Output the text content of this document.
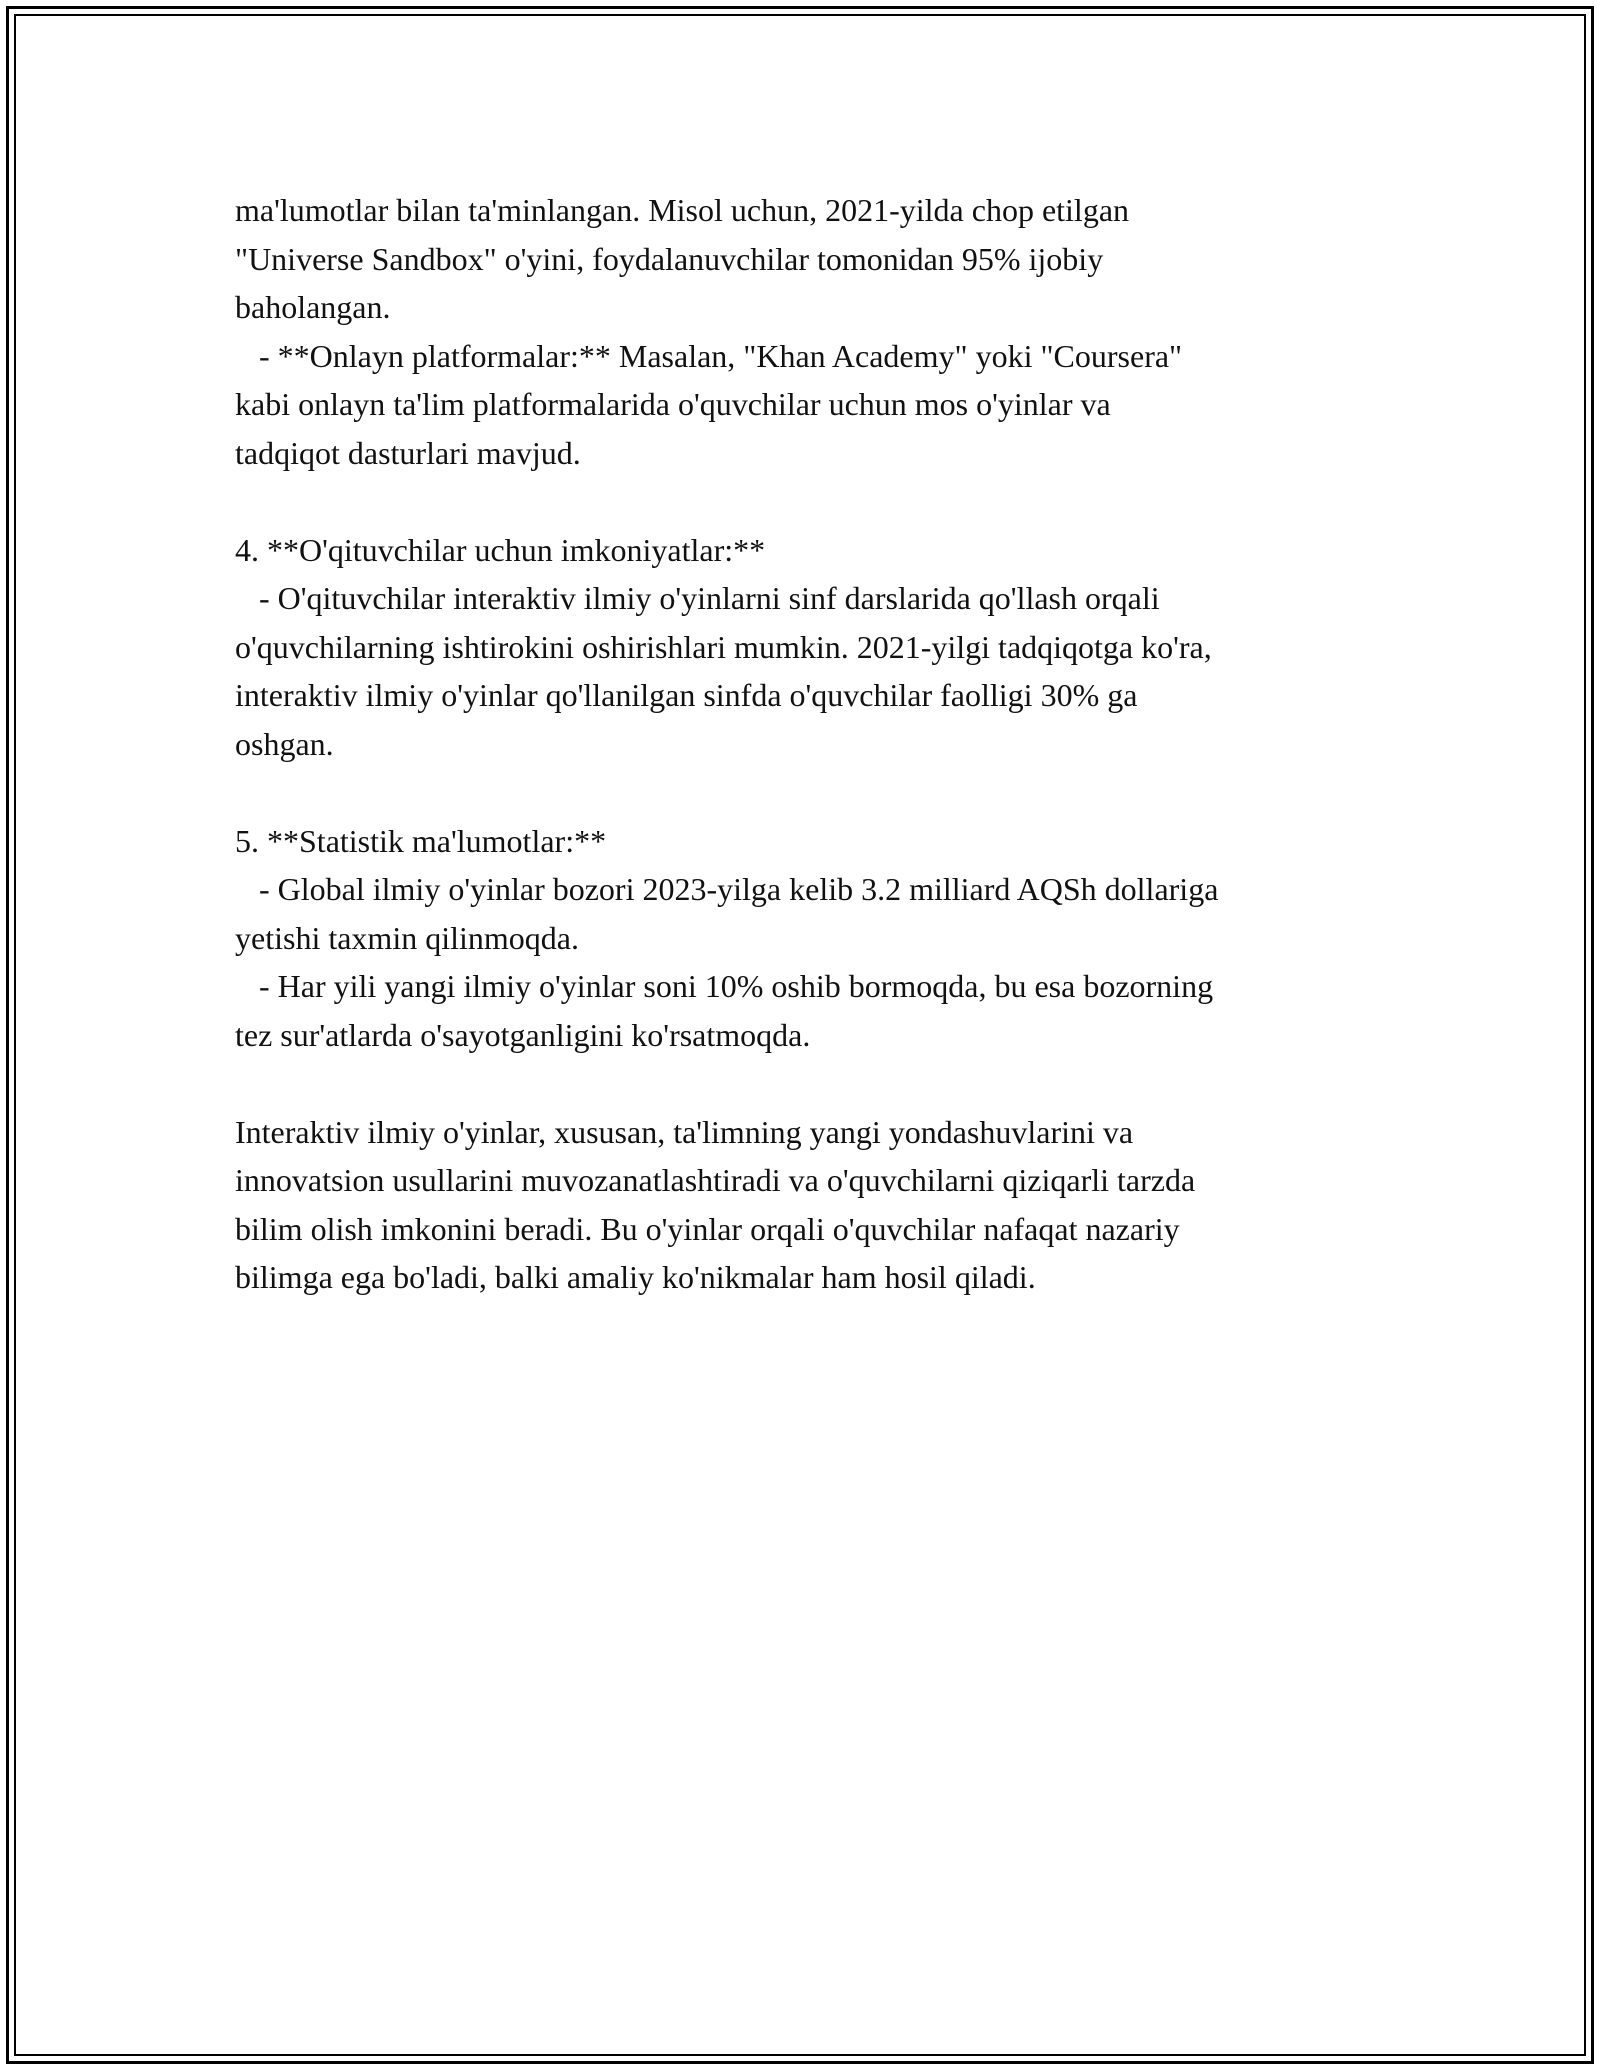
ma'lumotlar bilan ta'minlangan. Misol uchun, 2021-yilda chop etilgan
"Universe Sandbox" o'yini, foydalanuvchilar tomonidan 95% ijobiy
baholangan.
- **Onlayn platformalar:** Masalan, "Khan Academy" yoki "Coursera"
kabi onlayn ta'lim platformalarida o'quvchilar uchun mos o'yinlar va
tadqiqot dasturlari mavjud.
4. **O'qituvchilar uchun imkoniyatlar:**
- O'qituvchilar interaktiv ilmiy o'yinlarni sinf darslarida qo'llash orqali
o'quvchilarning ishtirokini oshirishlari mumkin. 2021-yilgi tadqiqotga ko'ra,
interaktiv ilmiy o'yinlar qo'llanilgan sinfda o'quvchilar faolligi 30% ga
oshgan.
5. **Statistik ma'lumotlar:**
- Global ilmiy o'yinlar bozori 2023-yilga kelib 3.2 milliard AQSh dollariga
yetishi taxmin qilinmoqda.
- Har yili yangi ilmiy o'yinlar soni 10% oshib bormoqda, bu esa bozorning
tez sur'atlarda o'sayotganligini ko'rsatmoqda.
Interaktiv ilmiy o'yinlar, xususan, ta'limning yangi yondashuvlarini va
innovatsion usullarini muvozanatlashtiradi va o'quvchilarni qiziqarli tarzda
bilim olish imkonini beradi. Bu o'yinlar orqali o'quvchilar nafaqat nazariy
bilimga ega bo'ladi, balki amaliy ko'nikmalar ham hosil qiladi.
